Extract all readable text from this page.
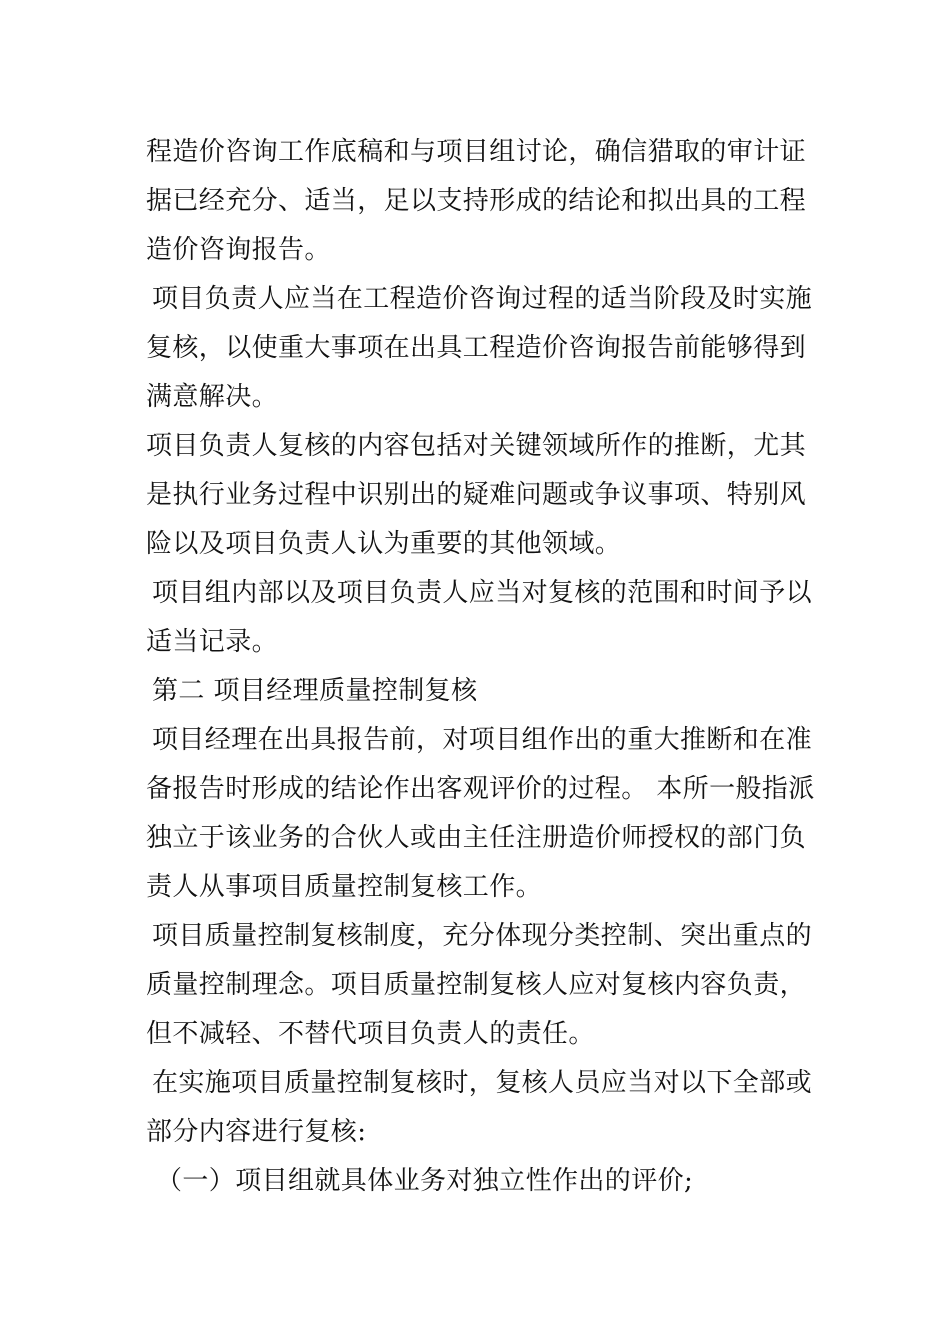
程造价咨询工作底稿和与项目组讨论，确信猎取的审计证
据已经充分、适当，足以支持形成的结论和拟出具的工程
造价咨询报告。
项目负责人应当在工程造价咨询过程的适当阶段及时实施
复核，以使重大事项在出具工程造价咨询报告前能够得到
满意解决。
项目负责人复核的内容包括对关键领域所作的推断，尤其
是执行业务过程中识别出的疑难问题或争议事项、特别风
险以及项目负责人认为重要的其他领域。
项目组内部以及项目负责人应当对复核的范围和时间予以
适当记录。
第二 项目经理质量控制复核
项目经理在出具报告前，对项目组作出的重大推断和在准
备报告时形成的结论作出客观评价的过程。 本所一般指派
独立于该业务的合伙人或由主任注册造价师授权的部门负
责人从事项目质量控制复核工作。
项目质量控制复核制度，充分体现分类控制、突出重点的
质量控制理念。项目质量控制复核人应对复核内容负责，
但不减轻、不替代项目负责人的责任。
在实施项目质量控制复核时，复核人员应当对以下全部或
部分内容进行复核:
（一）项目组就具体业务对独立性作出的评价;
